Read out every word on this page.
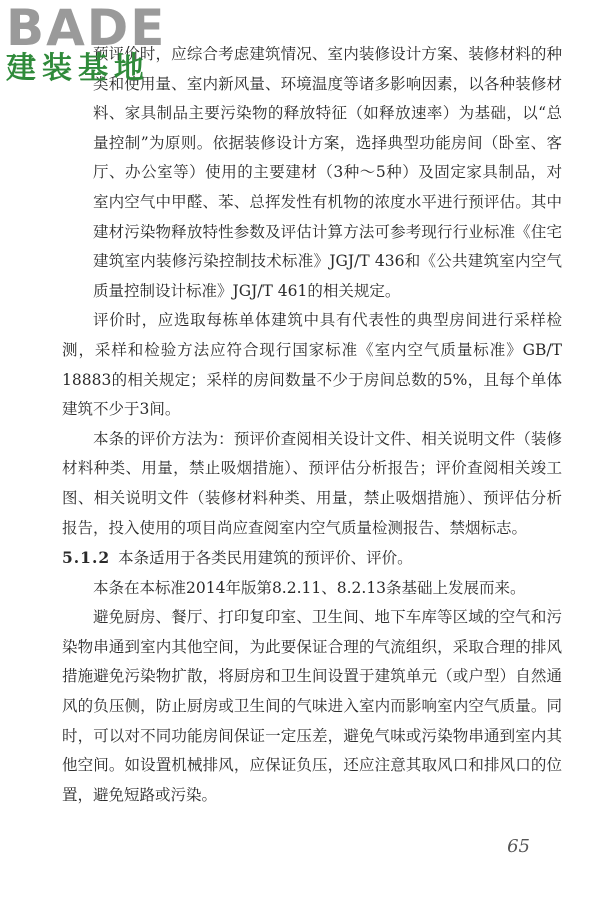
BADE
建装基地

预评价时，应综合考虑建筑情况、室内装修设计方案、装修材料的种类和使用量、室内新风量、环境温度等诸多影响因素，以各种装修材料、家具制品主要污染物的释放特征（如释放速率）为基础，以“总量控制”为原则。依据装修设计方案，选择典型功能房间（卧室、客厅、办公室等）使用的主要建材（3种～5种）及固定家具制品，对室内空气中甲醛、苯、总挥发性有机物的浓度水平进行预评估。其中建材污染物释放特性参数及评估计算方法可参考现行行业标准《住宅建筑室内装修污染控制技术标准》JGJ/T 436和《公共建筑室内空气质量控制设计标准》JGJ/T 461的相关规定。

评价时，应选取每栋单体建筑中具有代表性的典型房间进行采样检测，采样和检验方法应符合现行国家标准《室内空气质量标准》GB/T 18883的相关规定；采样的房间数量不少于房间总数的5%，且每个单体建筑不少于3间。

本条的评价方法为：预评价查阅相关设计文件、相关说明文件（装修材料种类、用量，禁止吸烟措施）、预评估分析报告；评价查阅相关竣工图、相关说明文件（装修材料种类、用量，禁止吸烟措施）、预评估分析报告，投入使用的项目尚应查阅室内空气质量检测报告、禁烟标志。

5.1.2 本条适用于各类民用建筑的预评价、评价。

本条在本标准2014年版第8.2.11、8.2.13条基础上发展而来。

避免厨房、餐厅、打印复印室、卫生间、地下车库等区域的空气和污染物串通到室内其他空间，为此要保证合理的气流组织，采取合理的排风措施避免污染物扩散，将厨房和卫生间设置于建筑单元（或户型）自然通风的负压侧，防止厨房或卫生间的气味进入室内而影响室内空气质量。同时，可以对不同功能房间保证一定压差，避免气味或污染物串通到室内其他空间。如设置机械排风，应保证负压，还应注意其取风口和排风口的位置，避免短路或污染。

65
